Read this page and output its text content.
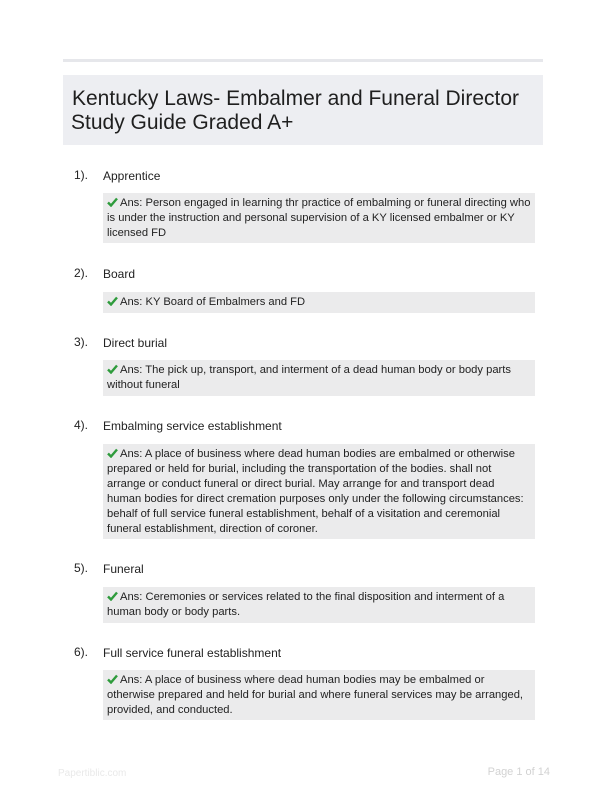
Kentucky Laws- Embalmer and Funeral Director
Study Guide Graded A+
1). Apprentice
Ans: Person engaged in learning thr practice of embalming or funeral directing who is under the instruction and personal supervision of a KY licensed embalmer or KY licensed FD
2). Board
Ans: KY Board of Embalmers and FD
3). Direct burial
Ans: The pick up, transport, and interment of a dead human body or body parts without funeral
4). Embalming service establishment
Ans: A place of business where dead human bodies are embalmed or otherwise prepared or held for burial, including the transportation of the bodies. shall not arrange or conduct funeral or direct burial. May arrange for and transport dead human bodies for direct cremation purposes only under the following circumstances: behalf of full service funeral establishment, behalf of a visitation and ceremonial funeral establishment, direction of coroner.
5). Funeral
Ans: Ceremonies or services related to the final disposition and interment of a human body or body parts.
6). Full service funeral establishment
Ans: A place of business where dead human bodies may be embalmed or otherwise prepared and held for burial and where funeral services may be arranged, provided, and conducted.
Papertiblic.com	Page 1 of 14
